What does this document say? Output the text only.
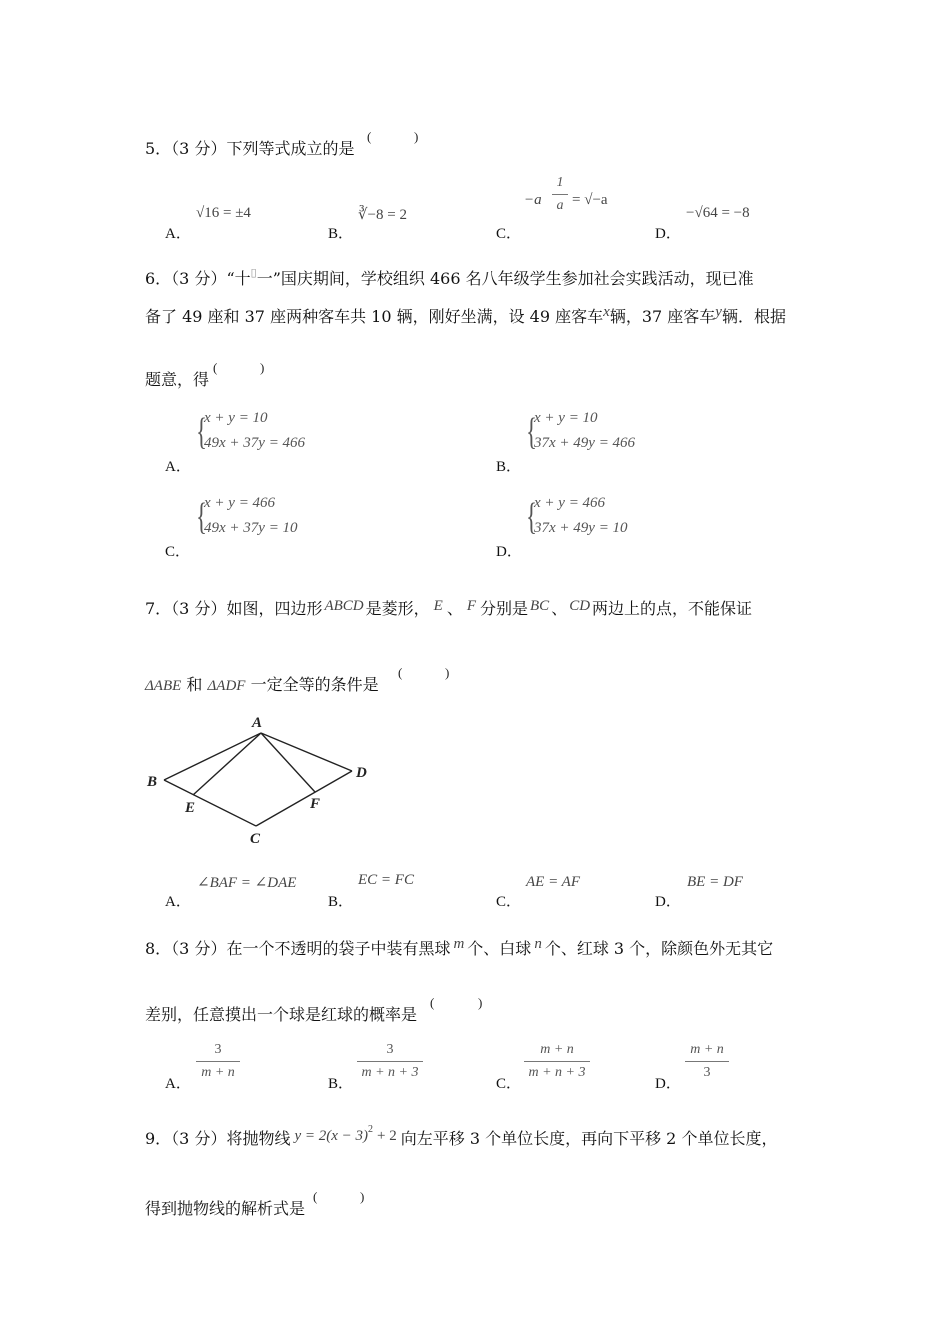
5．（3 分）下列等式成立的是
(	)
A．
√16 = ±4
B．
∛−8 = 2
C．
−a
1
a = √−a
D．
−√64 = −8
6．（3 分）“十▯一”国庆期间，学校组织 466 名八年级学生参加社会实践活动，现已准
备了 49 座和 37 座两种客车共 10 辆，刚好坐满，设 49 座客车x辆，37 座客车y辆．根据
题意，得
(	)
A．
{
x + y = 10
49x + 37y = 466
B．
{
x + y = 10
37x + 49y = 466
C．
{
x + y = 466
49x + 37y = 10
D．
{
x + y = 466
37x + 49y = 10
7．（3 分）如图，四边形 ABCD 是菱形， E 、 F 分别是 BC 、 CD 两边上的点，不能保证
ΔABE 和 ΔADF 一定全等的条件是
(	)
A
B
C
D
E	F
A．
∠BAF = ∠DAE
B．
EC = FC
C．
AE = AF
D．
BE = DF
8．（3 分）在一个不透明的袋子中装有黑球 m 个、白球 n 个、红球 3 个，除颜色外无其它
差别，任意摸出一个球是红球的概率是
(	)
A．
3
m + n
B．
3
m + n + 3
C．
m + n
m + n + 3
D．
m + n
3
9．（3 分）将抛物线 $y = 2(x - 3)^2 + 2$ 向左平移 3 个单位长度，再向下平移 2 个单位长度，
得到抛物线的解析式是
(	)
